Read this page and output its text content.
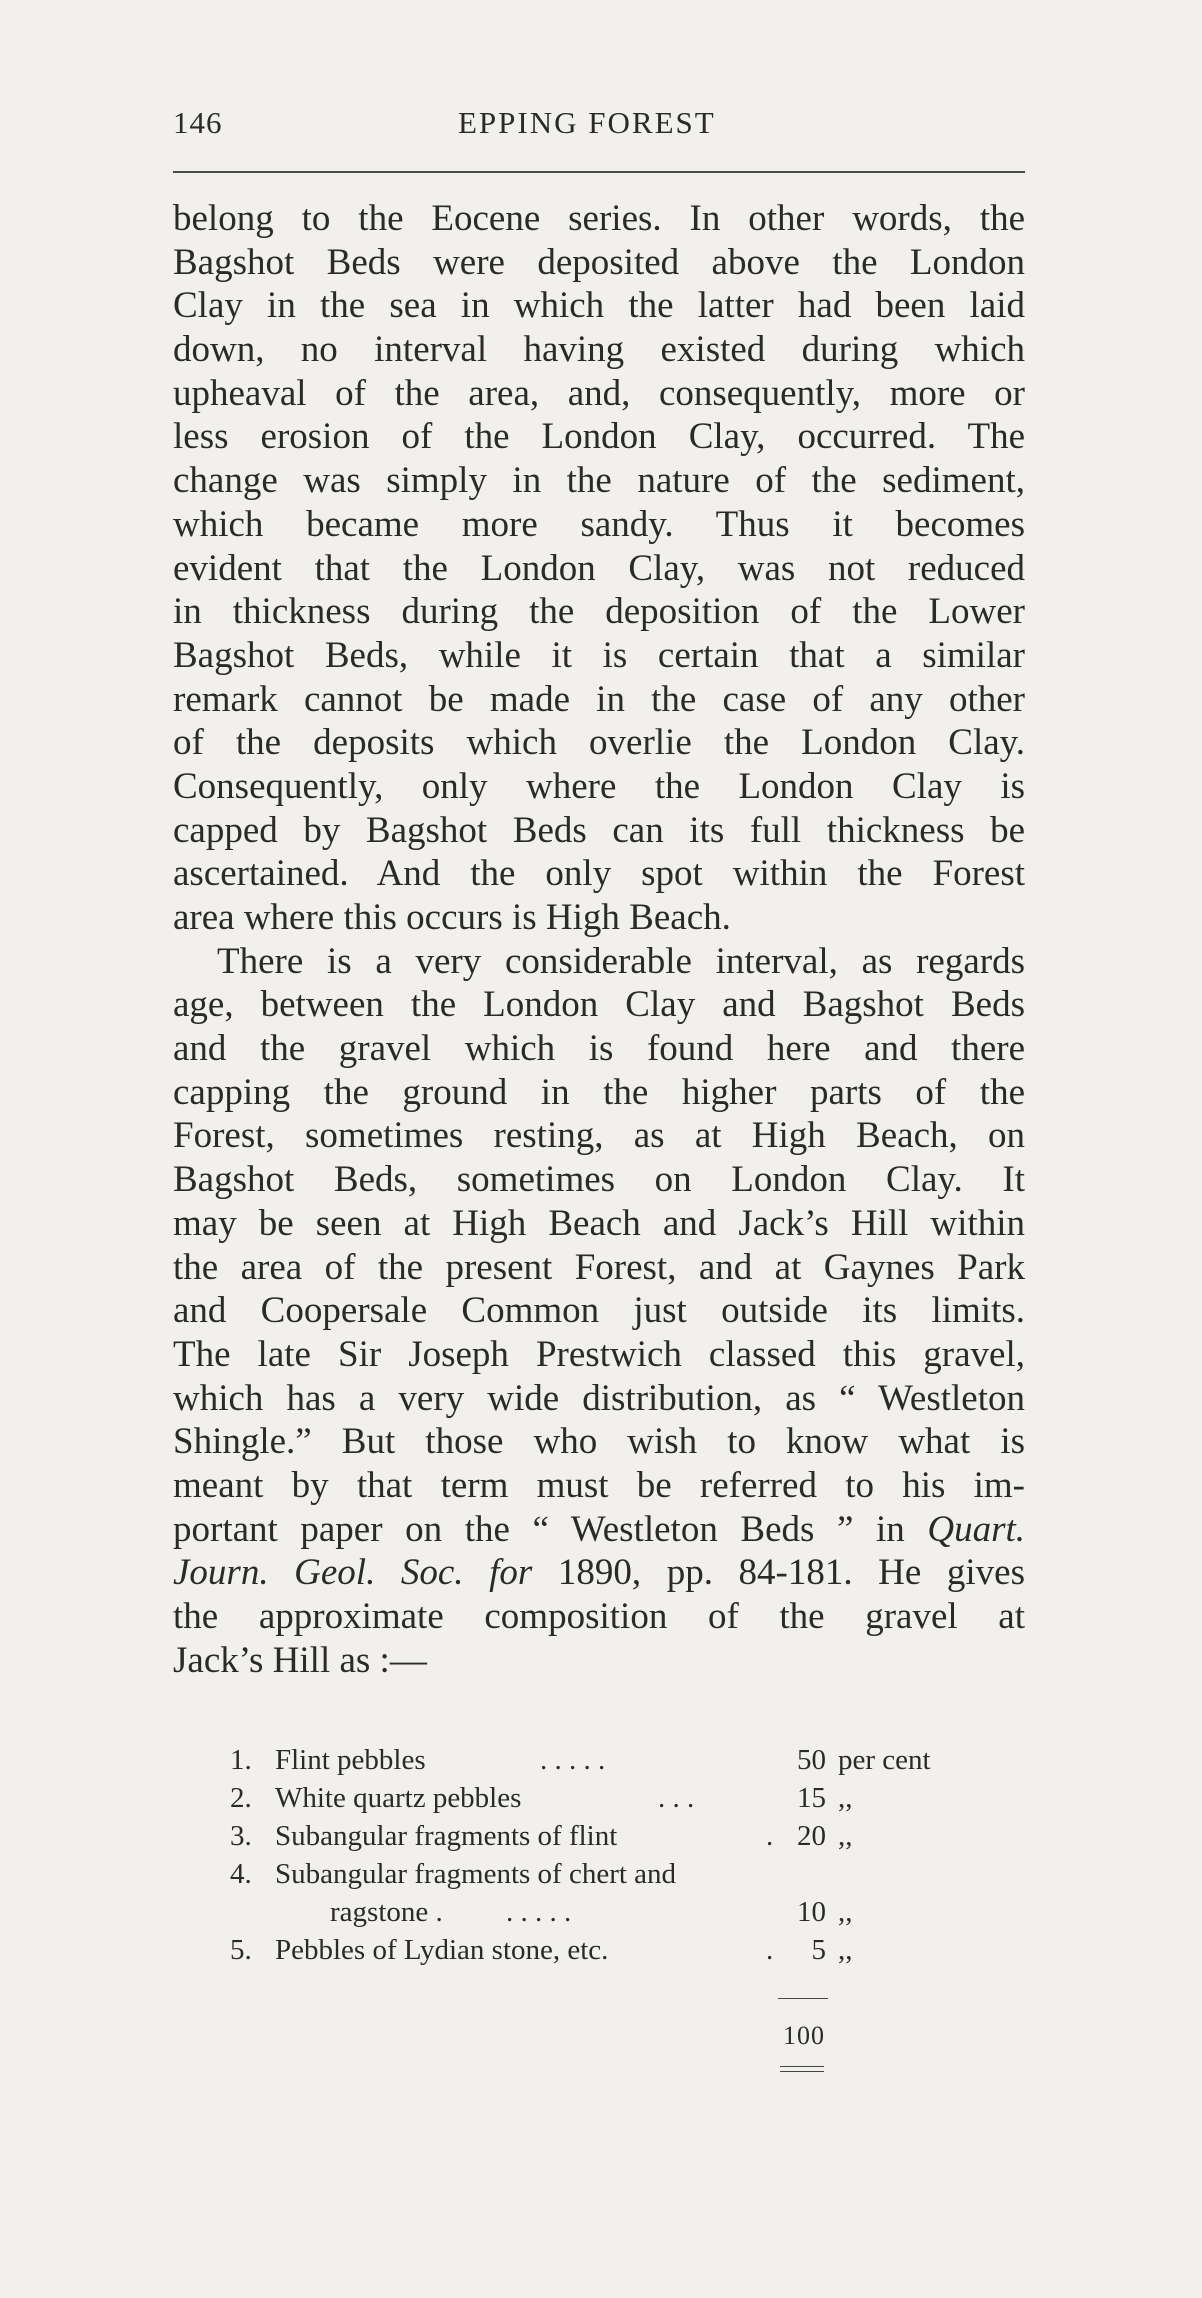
146	EPPING FOREST
belong to the Eocene series. In other words, the
Bagshot Beds were deposited above the London
Clay in the sea in which the latter had been laid
down, no interval having existed during which
upheaval of the area, and, consequently, more or
less erosion of the London Clay, occurred. The
change was simply in the nature of the sediment,
which became more sandy. Thus it becomes
evident that the London Clay, was not reduced
in thickness during the deposition of the Lower
Bagshot Beds, while it is certain that a similar
remark cannot be made in the case of any other
of the deposits which overlie the London Clay.
Consequently, only where the London Clay is
capped by Bagshot Beds can its full thickness be
ascertained. And the only spot within the Forest
area where this occurs is High Beach.
There is a very considerable interval, as regards
age, between the London Clay and Bagshot Beds
and the gravel which is found here and there
capping the ground in the higher parts of the
Forest, sometimes resting, as at High Beach, on
Bagshot Beds, sometimes on London Clay. It
may be seen at High Beach and Jack’s Hill within
the area of the present Forest, and at Gaynes Park
and Coopersale Common just outside its limits.
The late Sir Joseph Prestwich classed this gravel,
which has a very wide distribution, as “ Westleton
Shingle.” But those who wish to know what is
meant by that term must be referred to his im-
portant paper on the “ Westleton Beds ” in Quart.
Journ. Geol. Soc. for 1890, pp. 84-181. He gives
the approximate composition of the gravel at
Jack’s Hill as :—
1. Flint pebbles	. . . . .	50 per cent
2. White quartz pebbles	. . .	15 ,,
3. Subangular fragments of flint	. 20 ,,
4. Subangular fragments of chert and
ragstone . . . . . .	10 ,,
5. Pebbles of Lydian stone, etc.	.	5 ,,
100
